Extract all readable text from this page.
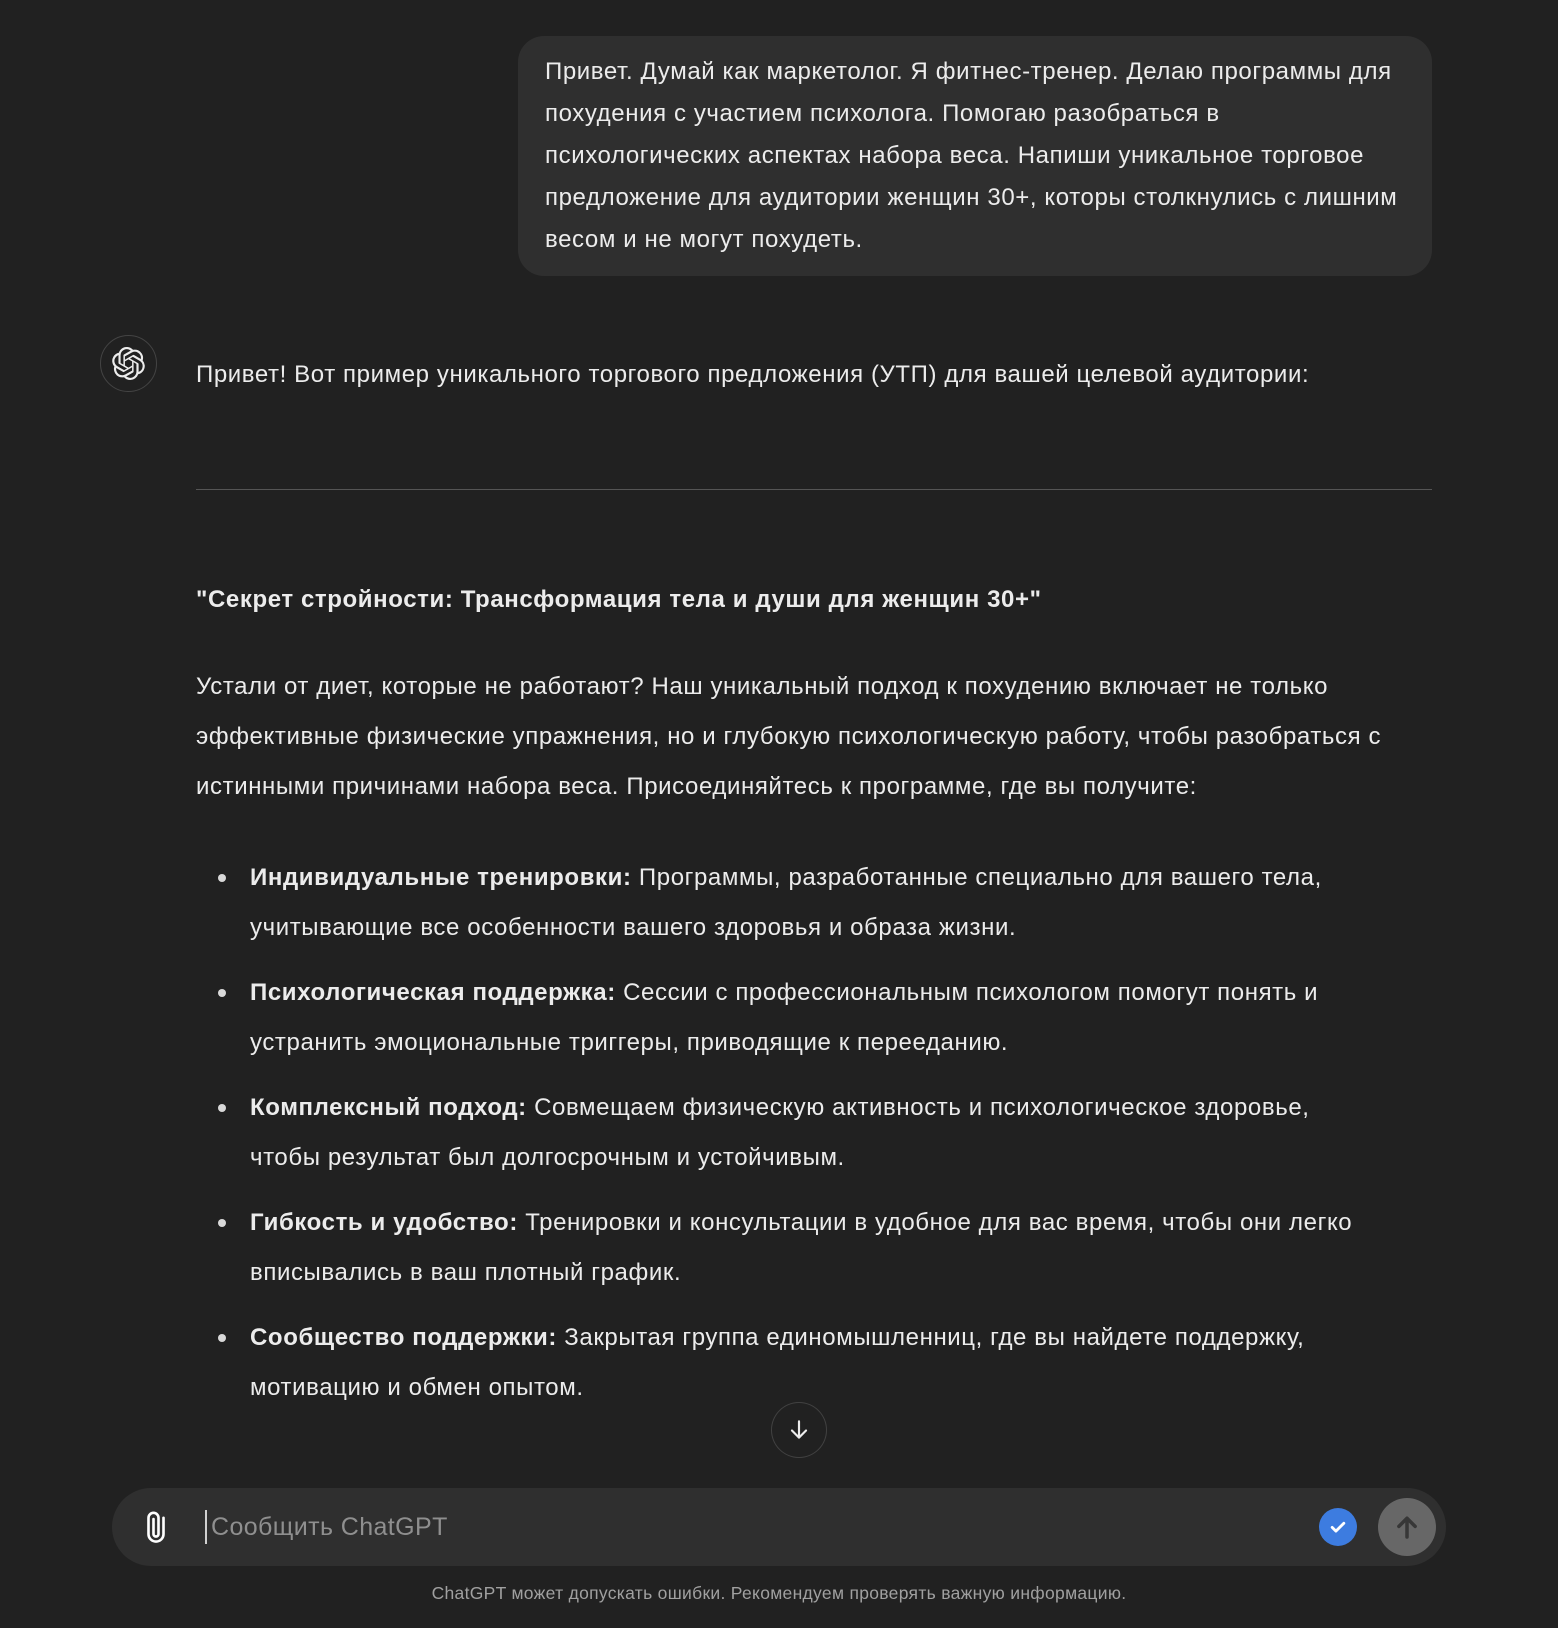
Привет. Думай как маркетолог. Я фитнес-тренер. Делаю программы для похудения с участием психолога. Помогаю разобраться в психологических аспектах набора веса. Напиши уникальное торговое предложение для аудитории женщин 30+, которы столкнулись с лишним весом и не могут похудеть.

Привет! Вот пример уникального торгового предложения (УТП) для вашей целевой аудитории:

"Секрет стройности: Трансформация тела и души для женщин 30+"

Устали от диет, которые не работают? Наш уникальный подход к похудению включает не только эффективные физические упражнения, но и глубокую психологическую работу, чтобы разобраться с истинными причинами набора веса. Присоединяйтесь к программе, где вы получите:

Индивидуальные тренировки: Программы, разработанные специально для вашего тела, учитывающие все особенности вашего здоровья и образа жизни.
Психологическая поддержка: Сессии с профессиональным психологом помогут понять и устранить эмоциональные триггеры, приводящие к перееданию.
Комплексный подход: Совмещаем физическую активность и психологическое здоровье, чтобы результат был долгосрочным и устойчивым.
Гибкость и удобство: Тренировки и консультации в удобное для вас время, чтобы они легко вписывались в ваш плотный график.
Сообщество поддержки: Закрытая группа единомышленниц, где вы найдете поддержку, мотивацию и обмен опытом.
Сообщить ChatGPT
ChatGPT может допускать ошибки. Рекомендуем проверять важную информацию.
